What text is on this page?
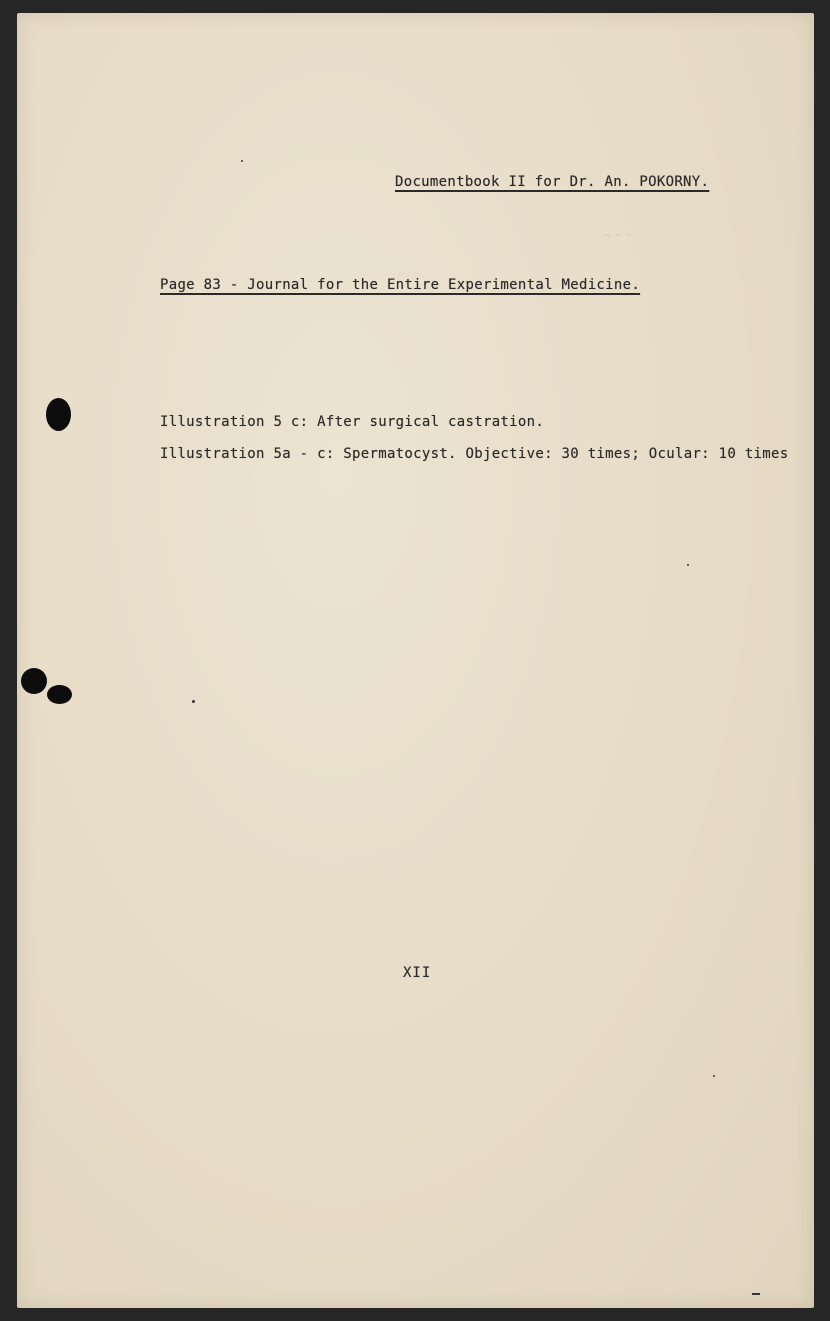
~ ~ ~
Documentbook II for Dr. An. POKORNY.
Page 83 - Journal for the Entire Experimental Medicine.
Illustration 5 c: After surgical castration.
Illustration 5a - c: Spermatocyst. Objective: 30 times; Ocular: 10 times
XII
